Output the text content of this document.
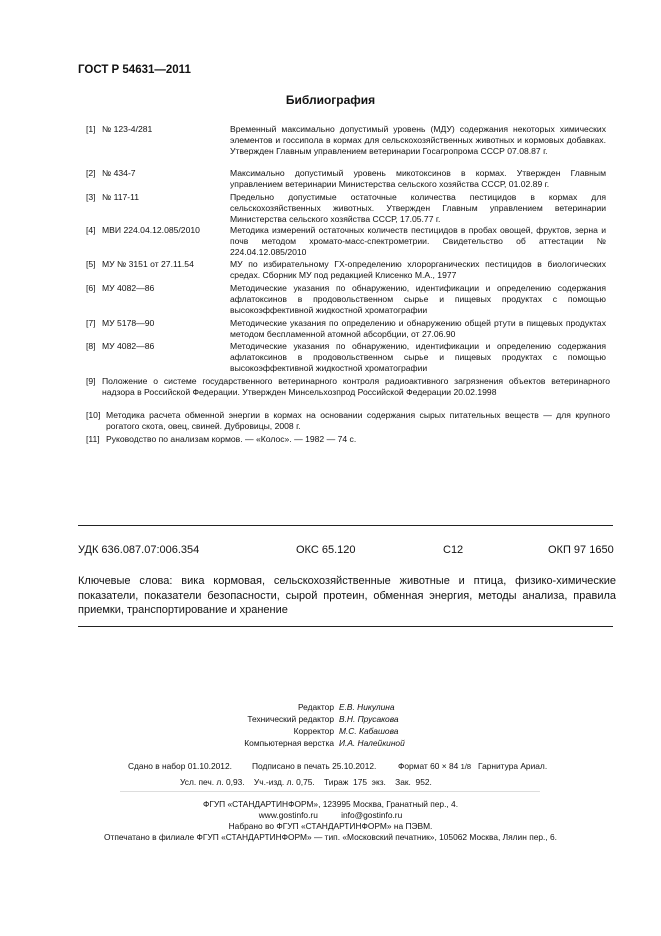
ГОСТ Р 54631—2011
Библиография
[1] № 123-4/281	Временный максимально допустимый уровень (МДУ) содержания некоторых химических элементов и госсипола в кормах для сельскохозяйственных животных и кормовых добавках. Утвержден Главным управлением ветеринарии Госагропрома СССР 07.08.87 г.
[2] № 434-7	Максимально допустимый уровень микотоксинов в кормах. Утвержден Главным управлением ветеринарии Министерства сельского хозяйства СССР, 01.02.89 г.
[3] № 117-11	Предельно допустимые остаточные количества пестицидов в кормах для сельскохозяйственных животных. Утвержден Главным управлением ветеринарии Министерства сельского хозяйства СССР, 17.05.77 г.
[4] МВИ 224.04.12.085/2010	Методика измерений остаточных количеств пестицидов в пробах овощей, фруктов, зерна и почв методом хромато-масс-спектрометрии. Свидетельство об аттестации № 224.04.12.085/2010
[5] МУ № 3151 от 27.11.54	МУ по избирательному ГХ-определению хлорорганических пестицидов в биологических средах. Сборник МУ под редакцией Клисенко М.А., 1977
[6] МУ 4082—86	Методические указания по обнаружению, идентификации и определению содержания афлатоксинов в продовольственном сырье и пищевых продуктах с помощью высокоэффективной жидкостной хроматографии
[7] МУ 5178—90	Методические указания по определению и обнаружению общей ртути в пищевых продуктах методом беспламенной атомной абсорбции, от 27.06.90
[8] МУ 4082—86	Методические указания по обнаружению, идентификации и определению содержания афлатоксинов в продовольственном сырье и пищевых продуктах с помощью высокоэффективной жидкостной хроматографии
[9] Положение о системе государственного ветеринарного контроля радиоактивного загрязнения объектов ветеринарного надзора в Российской Федерации. Утвержден Минсельхозпрод Российской Федерации 20.02.1998
[10] Методика расчета обменной энергии в кормах на основании содержания сырых питательных веществ — для крупного рогатого скота, овец, свиней. Дубровицы, 2008 г.
[11] Руководство по анализам кормов. — «Колос». — 1982 — 74 с.
УДК 636.087.07:006.354	ОКС 65.120	С12	ОКП 97 1650
Ключевые слова: вика кормовая, сельскохозяйственные животные и птица, физико-химические показатели, показатели безопасности, сырой протеин, обменная энергия, методы анализа, правила приемки, транспортирование и хранение
Редактор Е.В. Никулина
Технический редактор В.Н. Прусакова
Корректор М.С. Кабашова
Компьютерная верстка И.А. Налейкиной
Сдано в набор 01.10.2012. Подписано в печать 25.10.2012.	Формат 60 × 84 1/8 Гарнитура Ариал.
Усл. печ. л. 0,93.    Уч.-изд. л. 0,75.    Тираж  175  экз.    Зак.  952.
ФГУП «СТАНДАРТИНФОРМ», 123995 Москва, Гранатный пер., 4.
www.gostinfo.ru          info@gostinfo.ru
Набрано во ФГУП «СТАНДАРТИНФОРМ» на ПЭВМ.
Отпечатано в филиале ФГУП «СТАНДАРТИНФОРМ» — тип. «Московский печатник», 105062 Москва, Лялин пер., 6.
